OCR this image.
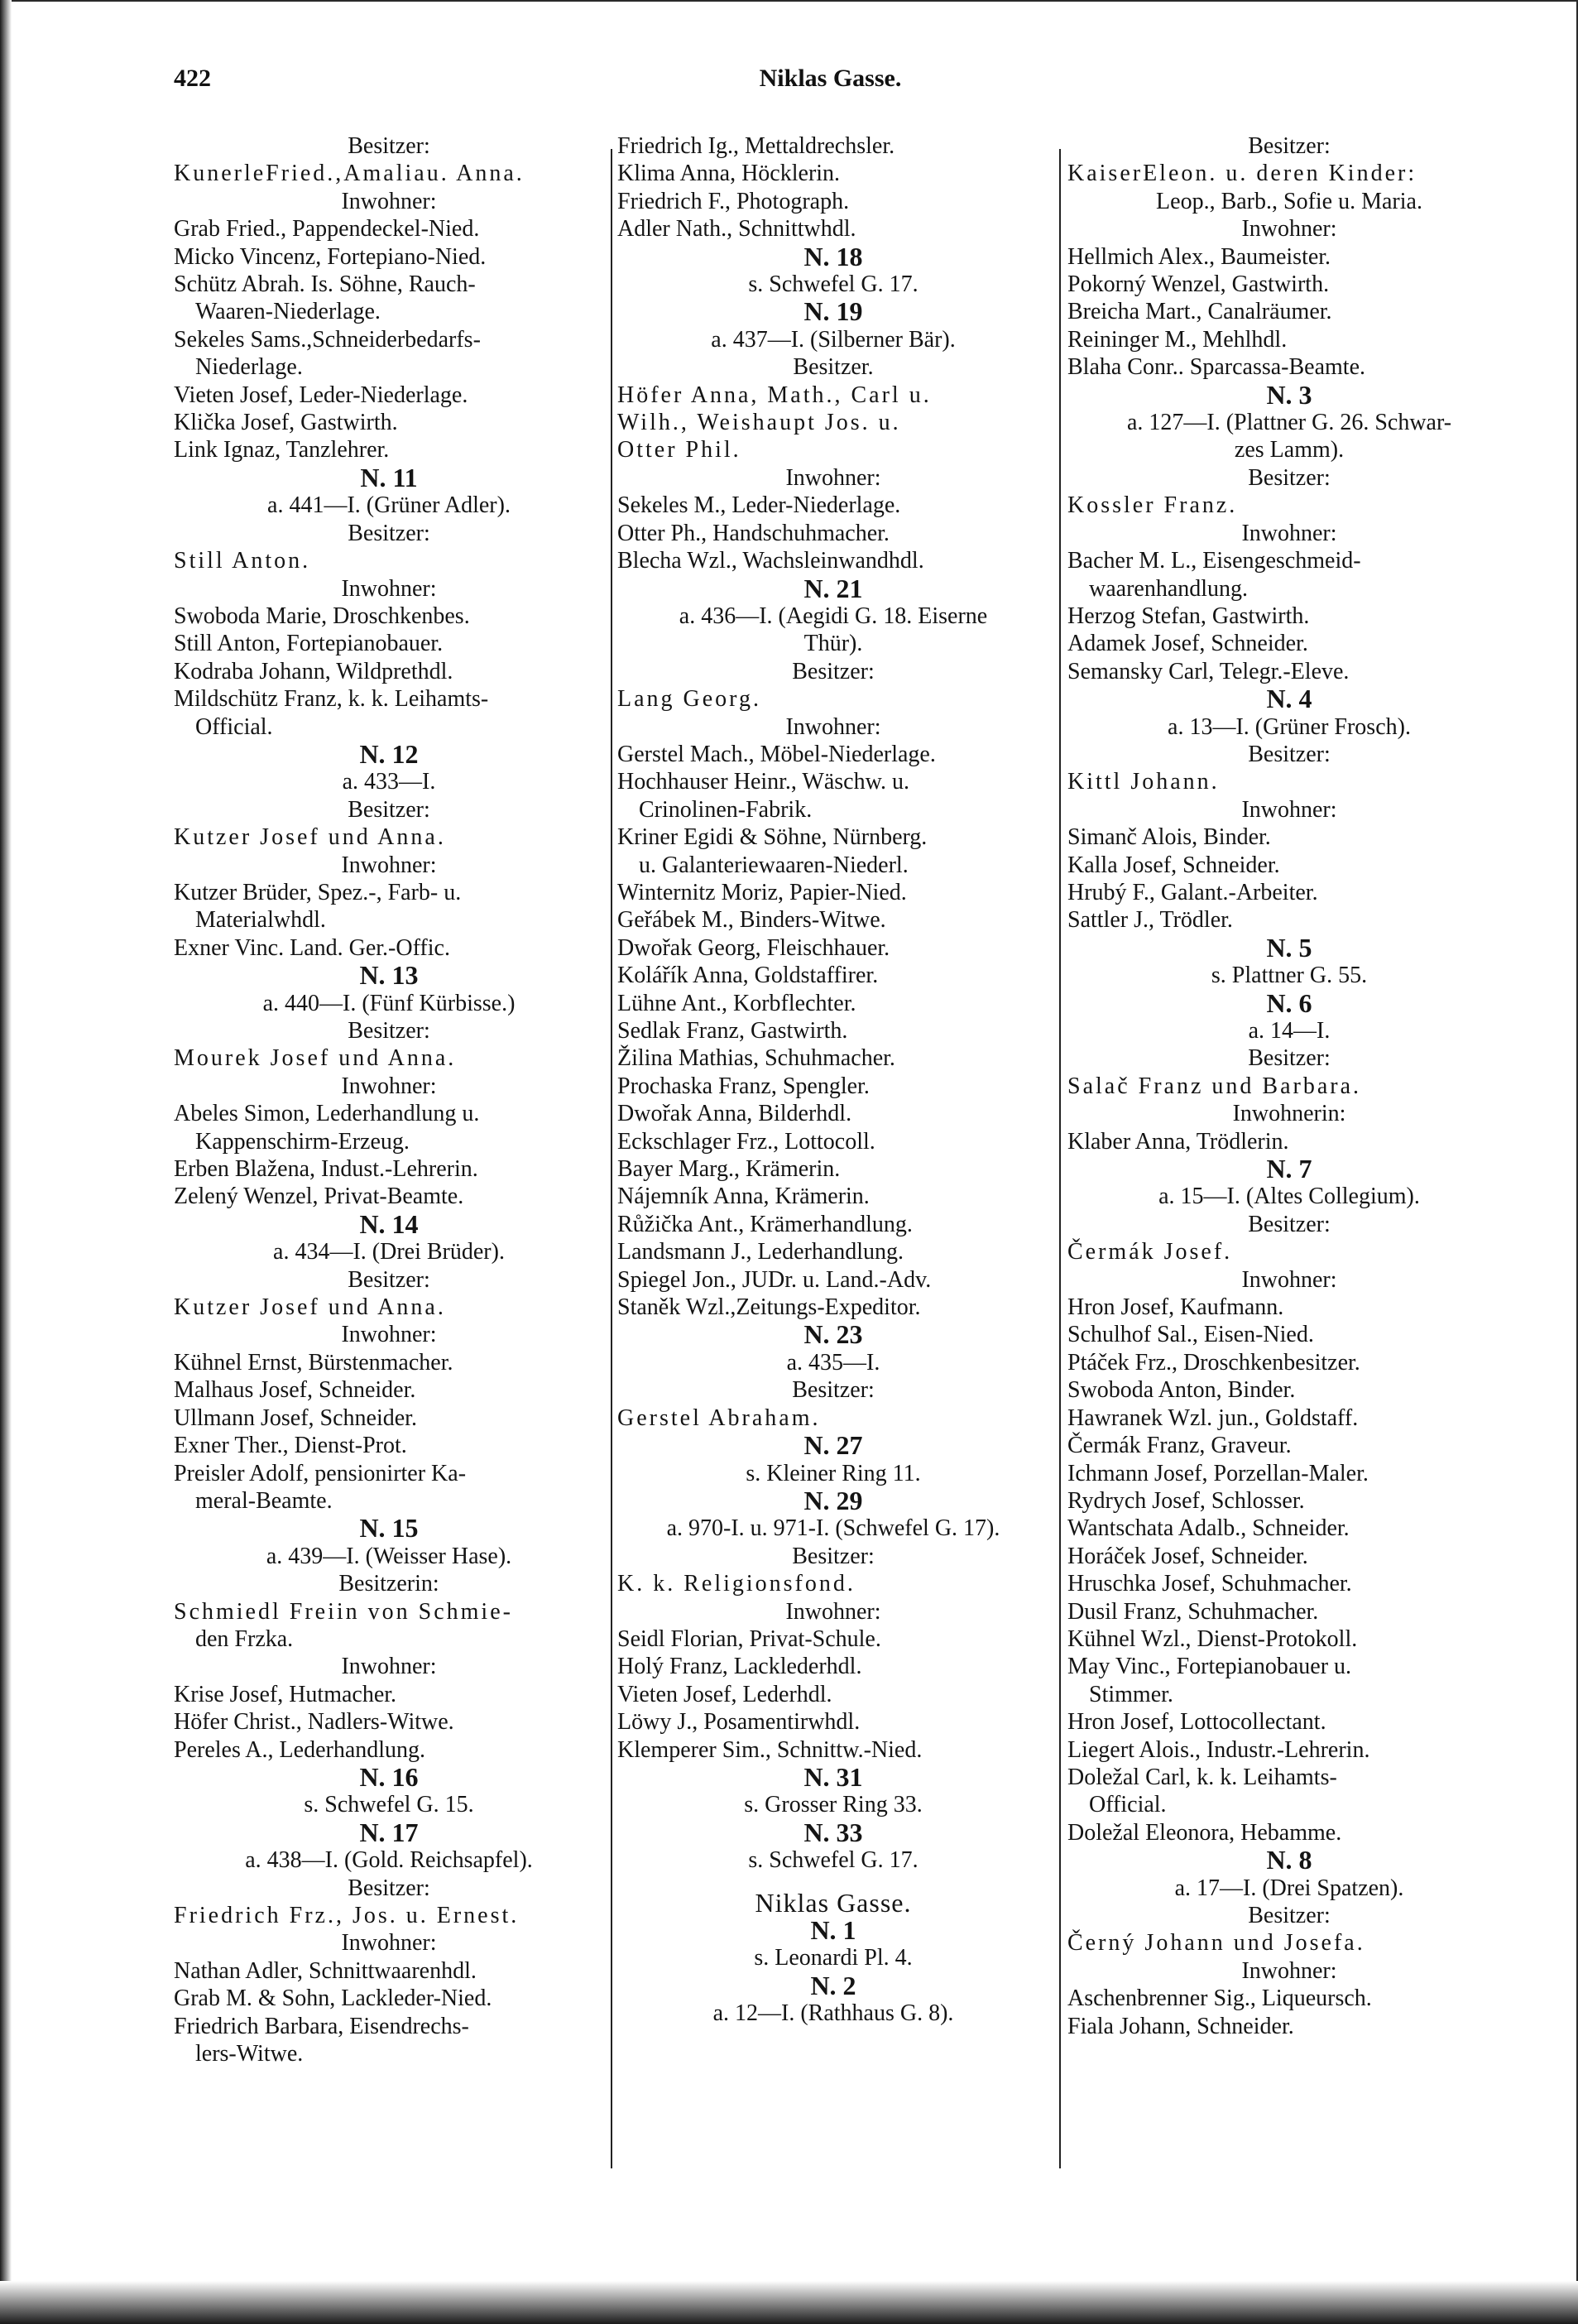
422	Niklas Gasse.
Besitzer:
KunerleFried.,Amaliau. Anna.
Inwohner:
Grab Fried., Pappendeckel-Nied.
Micko Vincenz, Fortepiano-Nied.
Schütz Abrah. Is. Söhne, Rauch-
Waaren-Niederlage.
Sekeles Sams.,Schneiderbedarfs-
Niederlage.
Vieten Josef, Leder-Niederlage.
Klička Josef, Gastwirth.
Link Ignaz, Tanzlehrer.
N. 11
a. 441—I. (Grüner Adler).
Besitzer:
Still Anton.
Inwohner:
Swoboda Marie, Droschkenbes.
Still Anton, Fortepianobauer.
Kodraba Johann, Wildprethdl.
Mildschütz Franz, k. k. Leihamts-
Official.
N. 12
a. 433—I.
Besitzer:
Kutzer Josef und Anna.
Inwohner:
Kutzer Brüder, Spez.-, Farb- u.
Materialwhdl.
Exner Vinc. Land. Ger.-Offic.
N. 13
a. 440—I. (Fünf Kürbisse.)
Besitzer:
Mourek Josef und Anna.
Inwohner:
Abeles Simon, Lederhandlung u.
Kappenschirm-Erzeug.
Erben Blažena, Indust.-Lehrerin.
Zelený Wenzel, Privat-Beamte.
N. 14
a. 434—I. (Drei Brüder).
Besitzer:
Kutzer Josef und Anna.
Inwohner:
Kühnel Ernst, Bürstenmacher.
Malhaus Josef, Schneider.
Ullmann Josef, Schneider.
Exner Ther., Dienst-Prot.
Preisler Adolf, pensionirter Ka-
meral-Beamte.
N. 15
a. 439—I. (Weisser Hase).
Besitzerin:
Schmiedl Freiin von Schmie-
den Frzka.
Inwohner:
Krise Josef, Hutmacher.
Höfer Christ., Nadlers-Witwe.
Pereles A., Lederhandlung.
N. 16
s. Schwefel G. 15.
N. 17
a. 438—I. (Gold. Reichsapfel).
Besitzer:
Friedrich Frz., Jos. u. Ernest.
Inwohner:
Nathan Adler, Schnittwaarenhdl.
Grab M. & Sohn, Lackleder-Nied.
Friedrich Barbara, Eisendrechs-
lers-Witwe.
Friedrich Ig., Mettaldrechsler.
Klima Anna, Höcklerin.
Friedrich F., Photograph.
Adler Nath., Schnittwhdl.
N. 18
s. Schwefel G. 17.
N. 19
a. 437—I. (Silberner Bär).
Besitzer.
Höfer Anna, Math., Carl u.
Wilh., Weishaupt Jos. u.
Otter Phil.
Inwohner:
Sekeles M., Leder-Niederlage.
Otter Ph., Handschuhmacher.
Blecha Wzl., Wachsleinwandhdl.
N. 21
a. 436—I. (Aegidi G. 18. Eiserne
Thür).
Besitzer:
Lang Georg.
Inwohner:
Gerstel Mach., Möbel-Niederlage.
Hochhauser Heinr., Wäschw. u.
Crinolinen-Fabrik.
Kriner Egidi & Söhne, Nürnberg.
u. Galanteriewaaren-Niederl.
Winternitz Moriz, Papier-Nied.
Geřábek M., Binders-Witwe.
Dwořak Georg, Fleischhauer.
Kolářík Anna, Goldstaffirer.
Lühne Ant., Korbflechter.
Sedlak Franz, Gastwirth.
Žilina Mathias, Schuhmacher.
Prochaska Franz, Spengler.
Dwořak Anna, Bilderhdl.
Eckschlager Frz., Lottocoll.
Bayer Marg., Krämerin.
Nájemník Anna, Krämerin.
Růžička Ant., Krämerhandlung.
Landsmann J., Lederhandlung.
Spiegel Jon., JUDr. u. Land.-Adv.
Staněk Wzl.,Zeitungs-Expeditor.
N. 23
a. 435—I.
Besitzer:
Gerstel Abraham.
N. 27
s. Kleiner Ring 11.
N. 29
a. 970-I. u. 971-I. (Schwefel G. 17).
Besitzer:
K. k. Religionsfond.
Inwohner:
Seidl Florian, Privat-Schule.
Holý Franz, Lacklederhdl.
Vieten Josef, Lederhdl.
Löwy J., Posamentirwhdl.
Klemperer Sim., Schnittw.-Nied.
N. 31
s. Grosser Ring 33.
N. 33
s. Schwefel G. 17.
Niklas Gasse.
N. 1
s. Leonardi Pl. 4.
N. 2
a. 12—I. (Rathhaus G. 8).
Besitzer:
KaiserEleon. u. deren Kinder:
Leop., Barb., Sofie u. Maria.
Inwohner:
Hellmich Alex., Baumeister.
Pokorný Wenzel, Gastwirth.
Breicha Mart., Canalräumer.
Reininger M., Mehlhdl.
Blaha Conr.. Sparcassa-Beamte.
N. 3
a. 127—I. (Plattner G. 26. Schwar-
zes Lamm).
Besitzer:
Kossler Franz.
Inwohner:
Bacher M. L., Eisengeschmeid-
waarenhandlung.
Herzog Stefan, Gastwirth.
Adamek Josef, Schneider.
Semansky Carl, Telegr.-Eleve.
N. 4
a. 13—I. (Grüner Frosch).
Besitzer:
Kittl Johann.
Inwohner:
Simanč Alois, Binder.
Kalla Josef, Schneider.
Hrubý F., Galant.-Arbeiter.
Sattler J., Trödler.
N. 5
s. Plattner G. 55.
N. 6
a. 14—I.
Besitzer:
Salač Franz und Barbara.
Inwohnerin:
Klaber Anna, Trödlerin.
N. 7
a. 15—I. (Altes Collegium).
Besitzer:
Čermák Josef.
Inwohner:
Hron Josef, Kaufmann.
Schulhof Sal., Eisen-Nied.
Ptáček Frz., Droschkenbesitzer.
Swoboda Anton, Binder.
Hawranek Wzl. jun., Goldstaff.
Čermák Franz, Graveur.
Ichmann Josef, Porzellan-Maler.
Rydrych Josef, Schlosser.
Wantschata Adalb., Schneider.
Horáček Josef, Schneider.
Hruschka Josef, Schuhmacher.
Dusil Franz, Schuhmacher.
Kühnel Wzl., Dienst-Protokoll.
May Vinc., Fortepianobauer u.
Stimmer.
Hron Josef, Lottocollectant.
Liegert Alois., Industr.-Lehrerin.
Doležal Carl, k. k. Leihamts-
Official.
Doležal Eleonora, Hebamme.
N. 8
a. 17—I. (Drei Spatzen).
Besitzer:
Černý Johann und Josefa.
Inwohner:
Aschenbrenner Sig., Liqueursch.
Fiala Johann, Schneider.
